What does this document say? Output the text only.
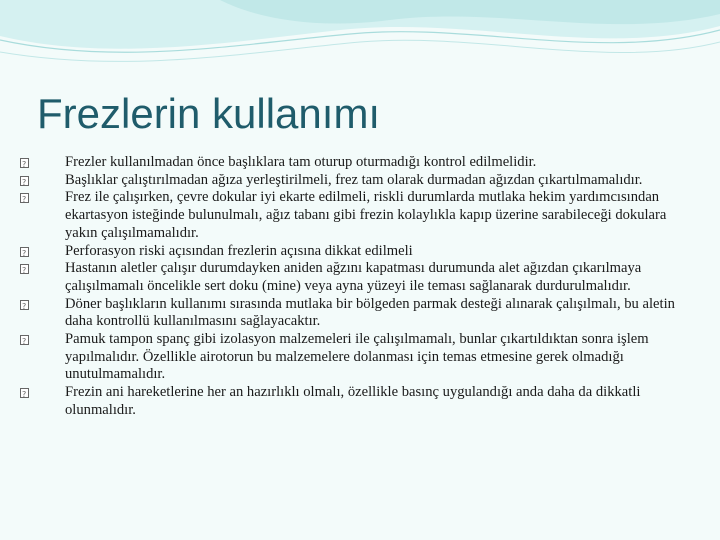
Frezlerin kullanımı
?
Frezler kullanılmadan önce başlıklara tam oturup oturmadığı kontrol edilmelidir.
?
Başlıklar çalıştırılmadan ağıza yerleştirilmeli, frez tam olarak durmadan ağızdan çıkartılmamalıdır.
?
Frez ile çalışırken, çevre dokular iyi ekarte edilmeli, riskli durumlarda mutlaka hekim yardımcısından ekartasyon isteğinde bulunulmalı, ağız tabanı gibi frezin kolaylıkla kapıp üzerine sarabileceği dokulara yakın çalışılmamalıdır.
?
Perforasyon riski açısından frezlerin açısına dikkat edilmeli
?
Hastanın aletler çalışır durumdayken aniden ağzını kapatması durumunda alet ağızdan çıkarılmaya çalışılmamalı öncelikle sert doku (mine) veya ayna yüzeyi ile teması sağlanarak durdurulmalıdır.
?
Döner başlıkların kullanımı sırasında mutlaka bir bölgeden parmak desteği alınarak çalışılmalı, bu aletin daha kontrollü kullanılmasını sağlayacaktır.
?
Pamuk tampon spanç gibi izolasyon malzemeleri ile çalışılmamalı, bunlar çıkartıldıktan sonra işlem yapılmalıdır. Özellikle airotorun bu malzemelere dolanması için temas etmesine gerek olmadığı unutulmamalıdır.
?
Frezin ani hareketlerine her an hazırlıklı olmalı, özellikle basınç uygulandığı anda daha da dikkatli olunmalıdır.
